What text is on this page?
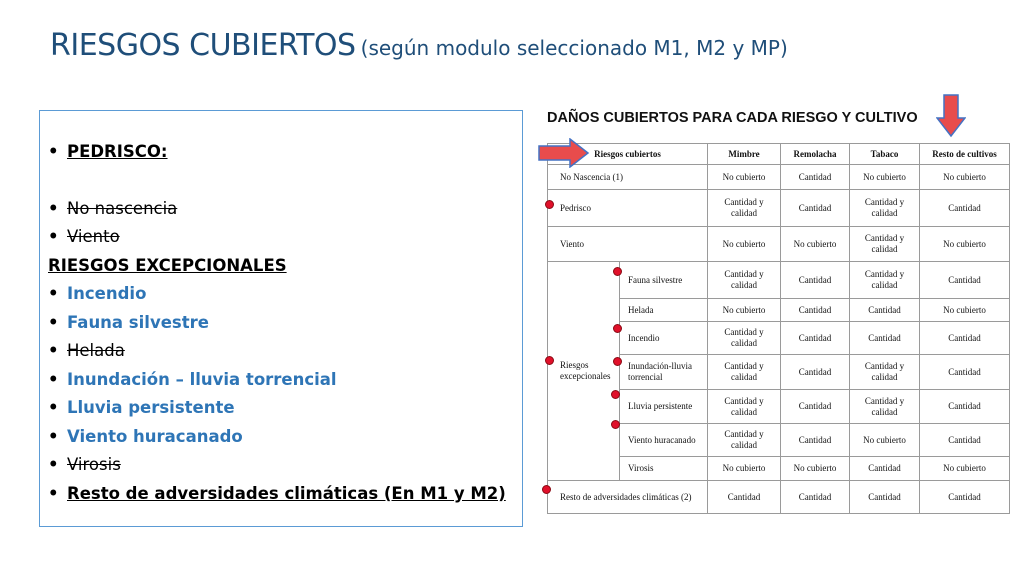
RIESGOS CUBIERTOS (según modulo seleccionado M1, M2 y MP)
• PEDRISCO:
• No nascencia
• Viento
RIESGOS EXCEPCIONALES
• Incendio
• Fauna silvestre
• Helada
• Inundación – lluvia torrencial
• Lluvia persistente
• Viento huracanado
• Virosis
• Resto de adversidades climáticas (En M1 y M2)
DAÑOS CUBIERTOS PARA CADA RIESGO Y CULTIVO
Riesgos cubiertos		Mimbre	Remolacha	Tabaco	Resto de cultivos
No Nascencia (1)		No cubierto	Cantidad	No cubierto	No cubierto
Pedrisco		Cantidad y calidad	Cantidad	Cantidad y calidad	Cantidad
Viento		No cubierto	No cubierto	Cantidad y calidad	No cubierto
Riesgos excepcionales	Fauna silvestre	Cantidad y calidad	Cantidad	Cantidad y calidad	Cantidad
	Helada	No cubierto	Cantidad	Cantidad	No cubierto
	Incendio	Cantidad y calidad	Cantidad	Cantidad	Cantidad
	Inundación-lluvia torrencial	Cantidad y calidad	Cantidad	Cantidad y calidad	Cantidad
	Lluvia persistente	Cantidad y calidad	Cantidad	Cantidad y calidad	Cantidad
	Viento huracanado	Cantidad y calidad	Cantidad	No cubierto	Cantidad
	Virosis	No cubierto	No cubierto	Cantidad	No cubierto
Resto de adversidades climáticas (2)		Cantidad	Cantidad	Cantidad	Cantidad
